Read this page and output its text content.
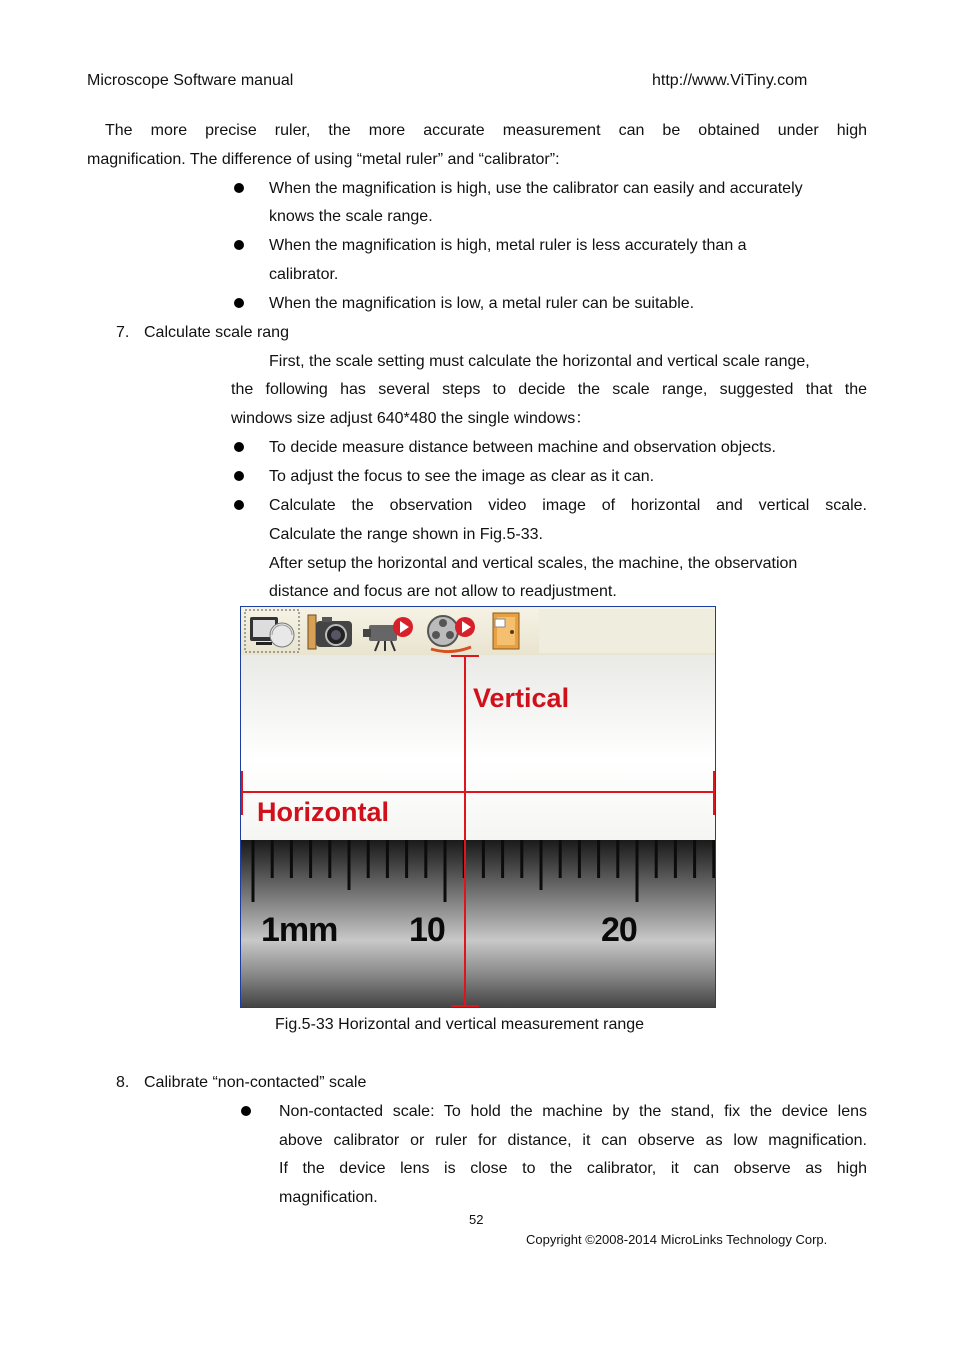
Microscope Software manual	http://www.ViTiny.com
The more precise ruler, the more accurate measurement can be obtained under high
magnification. The difference of using “metal ruler” and “calibrator”:
When the magnification is high, use the calibrator can easily and accurately
knows the scale range.
When the magnification is high, metal ruler is less accurately than a
calibrator.
When the magnification is low, a metal ruler can be suitable.
7. Calculate scale rang
First, the scale setting must calculate the horizontal and vertical scale range,
the following has several steps to decide the scale range, suggested that the
windows size adjust 640*480 the single windows：
To decide measure distance between machine and observation objects.
To adjust the focus to see the image as clear as it can.
Calculate the observation video image of horizontal and vertical scale.
Calculate the range shown in Fig.5-33.
After setup the horizontal and vertical scales, the machine, the observation
distance and focus are not allow to readjustment.
1mm 10	20
Vertical
Horizontal
Fig.5-33 Horizontal and vertical measurement range
8. Calibrate “non-contacted” scale
Non-contacted scale: To hold the machine by the stand, fix the device lens
above calibrator or ruler for distance, it can observe as low magnification.
If the device lens is close to the calibrator, it can observe as high
magnification.
52
Copyright ©2008-2014 MicroLinks Technology Corp.
